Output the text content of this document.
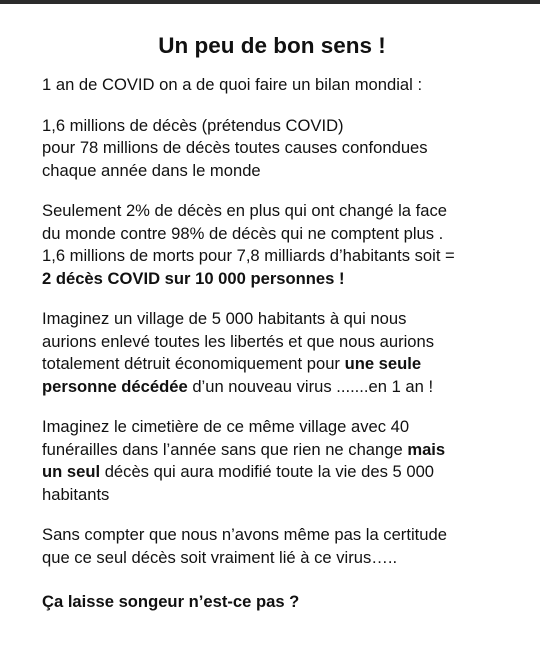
Un peu de bon sens !
1 an de COVID on a de quoi faire un bilan mondial :
1,6 millions de décès (prétendus COVID)
pour 78 millions de décès toutes causes confondues
chaque année dans le monde
Seulement 2% de décès en plus qui ont changé la face
du monde contre 98% de décès qui ne comptent plus .
1,6 millions de morts pour 7,8 milliards d’habitants soit =
2 décès COVID sur 10 000 personnes !
Imaginez un village de 5 000 habitants à qui nous
aurions enlevé toutes les libertés et que nous aurions
totalement détruit économiquement pour une seule
personne décédée d’un nouveau virus .......en 1 an !
Imaginez le cimetière de ce même village avec 40
funérailles dans l’année sans que rien ne change mais
un seul décès qui aura modifié toute la vie des 5 000
habitants
Sans compter que nous n’avons même pas la certitude
que ce seul décès soit vraiment lié à ce virus…..
Ça laisse songeur n’est-ce pas ?
